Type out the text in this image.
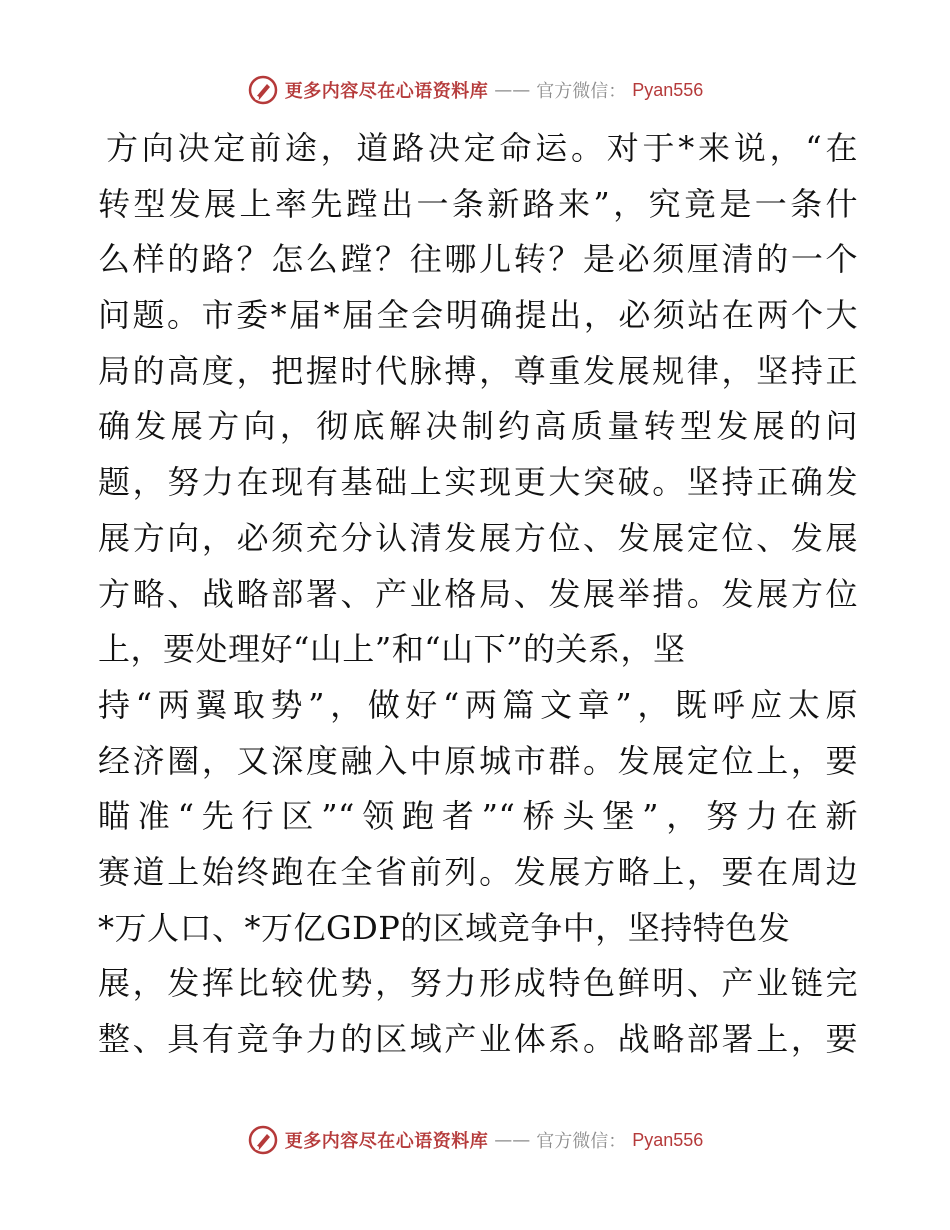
更多内容尽在心语资料库 —— 官方微信： Pyan556
方向决定前途，道路决定命运。对于*来说，“在
转型发展上率先蹚出一条新路来”，究竟是一条什
么样的路？怎么蹚？往哪儿转？是必须厘清的一个
问题。市委*届*届全会明确提出，必须站在两个大
局的高度，把握时代脉搏，尊重发展规律，坚持正
确发展方向，彻底解决制约高质量转型发展的问
题，努力在现有基础上实现更大突破。坚持正确发
展方向，必须充分认清发展方位、发展定位、发展
方略、战略部署、产业格局、发展举措。发展方位
上，要处理好“山上”和“山下”的关系，坚
持“两翼取势”，做好“两篇文章”，既呼应太原
经济圈，又深度融入中原城市群。发展定位上，要
瞄准“先行区”“领跑者”“桥头堡”，努力在新
赛道上始终跑在全省前列。发展方略上，要在周边
*万人口、*万亿GDP的区域竞争中，坚持特色发
展，发挥比较优势，努力形成特色鲜明、产业链完
整、具有竞争力的区域产业体系。战略部署上，要
更多内容尽在心语资料库 —— 官方微信： Pyan556
